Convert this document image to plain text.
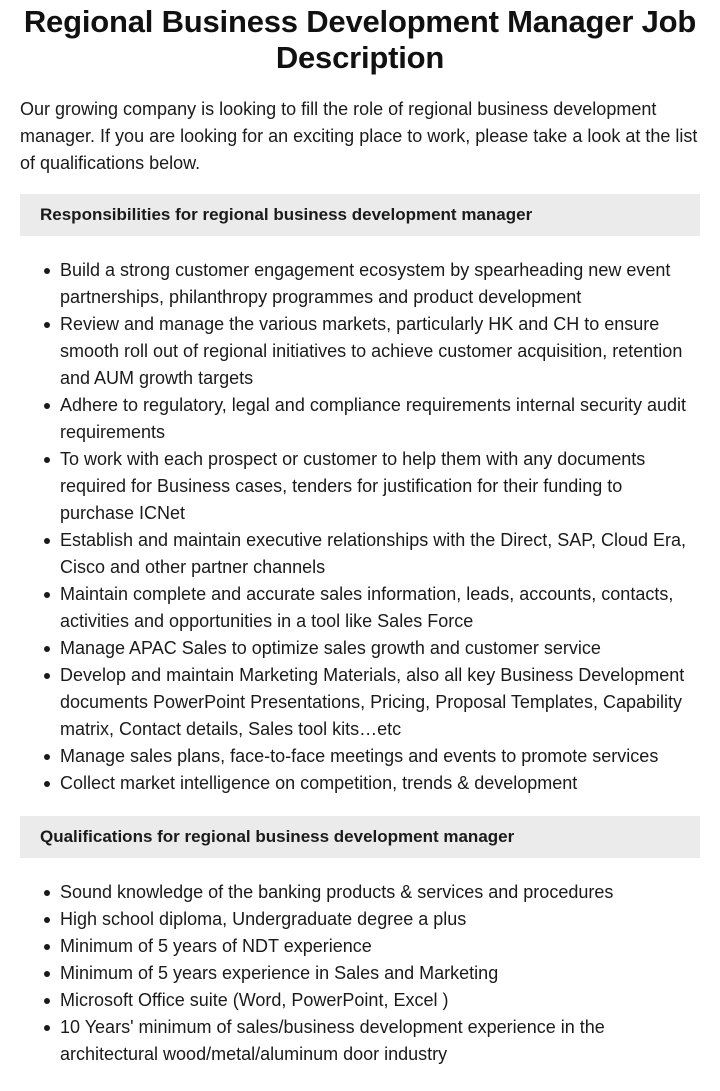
Regional Business Development Manager Job Description

Our growing company is looking to fill the role of regional business development manager. If you are looking for an exciting place to work, please take a look at the list of qualifications below.

Responsibilities for regional business development manager
Build a strong customer engagement ecosystem by spearheading new event partnerships, philanthropy programmes and product development
Review and manage the various markets, particularly HK and CH to ensure smooth roll out of regional initiatives to achieve customer acquisition, retention and AUM growth targets
Adhere to regulatory, legal and compliance requirements internal security audit requirements
To work with each prospect or customer to help them with any documents required for Business cases, tenders for justification for their funding to purchase ICNet
Establish and maintain executive relationships with the Direct, SAP, Cloud Era, Cisco and other partner channels
Maintain complete and accurate sales information, leads, accounts, contacts, activities and opportunities in a tool like Sales Force
Manage APAC Sales to optimize sales growth and customer service
Develop and maintain Marketing Materials, also all key Business Development documents PowerPoint Presentations, Pricing, Proposal Templates, Capability matrix, Contact details, Sales tool kits…etc
Manage sales plans, face-to-face meetings and events to promote services
Collect market intelligence on competition, trends & development
Qualifications for regional business development manager
Sound knowledge of the banking products & services and procedures
High school diploma, Undergraduate degree a plus
Minimum of 5 years of NDT experience
Minimum of 5 years experience in Sales and Marketing
Microsoft Office suite (Word, PowerPoint, Excel )
10 Years' minimum of sales/business development experience in the architectural wood/metal/aluminum door industry
